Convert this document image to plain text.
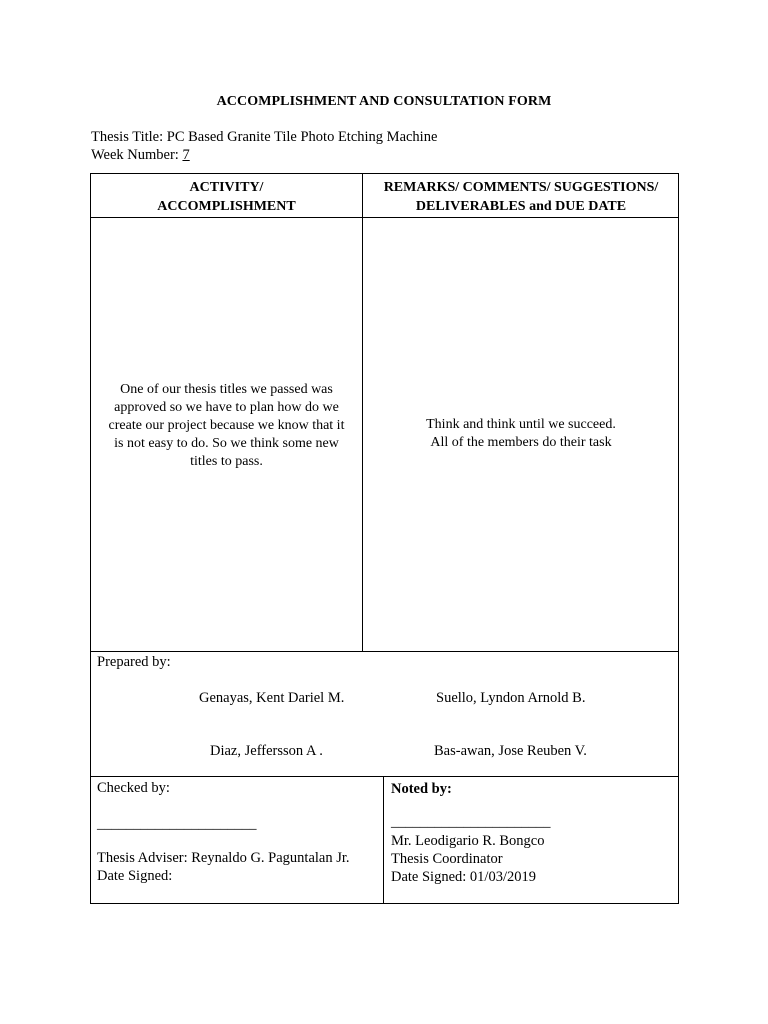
ACCOMPLISHMENT AND CONSULTATION FORM
Thesis Title: PC Based Granite Tile Photo Etching Machine
Week Number: 7
ACTIVITY/
ACCOMPLISHMENT
REMARKS/ COMMENTS/ SUGGESTIONS/
DELIVERABLES and DUE DATE
One of our thesis titles we passed was
approved so we have to plan how do we
create our project because we know that it
is not easy to do. So we think some new
titles to pass.
Think and think until we succeed.
All of the members do their task
Prepared by:
Genayas, Kent Dariel M.	Suello, Lyndon Arnold B.
Diaz, Jeffersson A .	Bas-awan, Jose Reuben V.
Checked by:
______________________
Thesis Adviser: Reynaldo G. Paguntalan Jr.
Date Signed:
Noted by:
______________________
Mr. Leodigario R. Bongco
Thesis Coordinator
Date Signed: 01/03/2019
